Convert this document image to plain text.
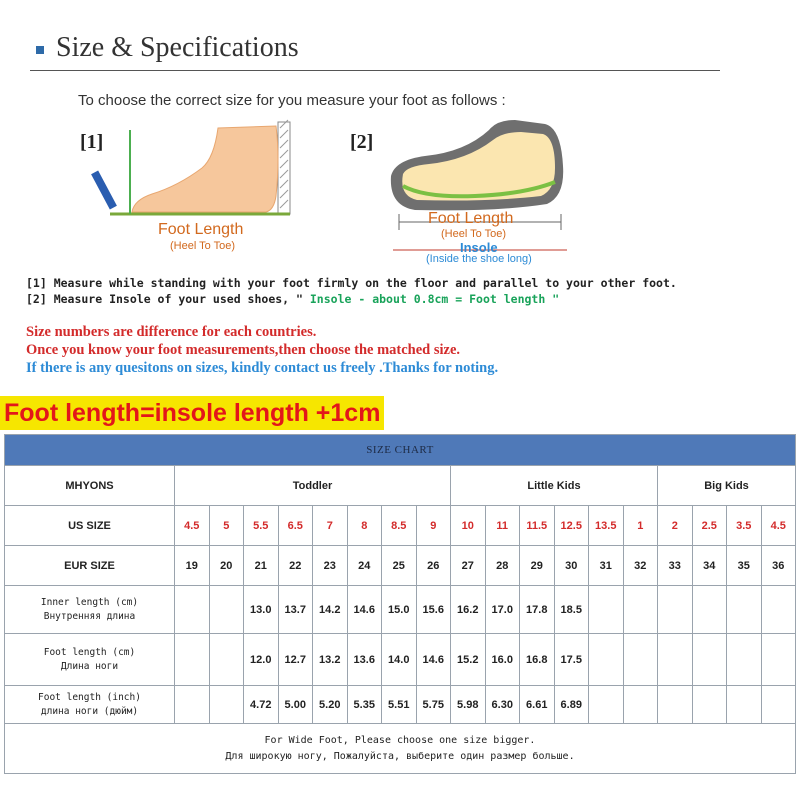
Size & Specifications
To choose the correct size for you measure your foot as follows :
[1]	[2]
Foot Length
(Heel To Toe)
Foot Length
(Heel To Toe)
Insole
(Inside the shoe long)
[1] Measure while standing with your foot firmly on the floor and parallel to your other foot.
[2] Measure Insole of your used shoes, " Insole - about 0.8cm = Foot length "
Size numbers are difference for each countries.
Once you know your foot measurements,then choose the matched size.
If there is any quesitons on sizes, kindly contact us freely .Thanks for noting.
Foot length=insole length +1cm
SIZE CHART																		
MHYONS	Toddler								Little Kids						Big Kids			
US SIZE	4.5	5	5.5	6.5	7	8	8.5	9	10	11	11.5	12.5	13.5	1	2	2.5	3.5	4.5
EUR SIZE	19	20	21	22	23	24	25	26	27	28	29	30	31	32	33	34	35	36
Inner length (cm)
Внутренняя длина			13.0	13.7	14.2	14.6	15.0	15.6	16.2	17.0	17.8	18.5						
Foot length (cm)
Длина ноги			12.0	12.7	13.2	13.6	14.0	14.6	15.2	16.0	16.8	17.5						
Foot length (inch)
длина ноги (дюйм)			4.72	5.00	5.20	5.35	5.51	5.75	5.98	6.30	6.61	6.89						
For Wide Foot, Please choose one size bigger.
Для широкую ногу, Пожалуйста, выберите один размер больше.																		
